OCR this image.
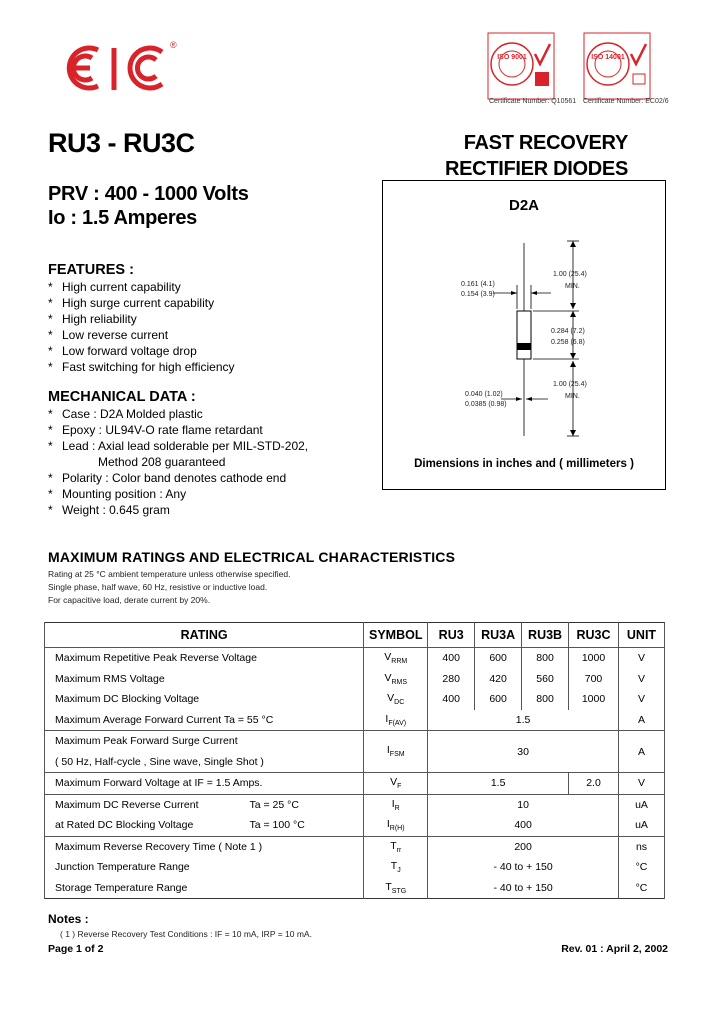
®
ISO 9001
Certificate Number: Q10561
ISO 14001
Certificate Number: EC02/6
RU3 - RU3C	FAST RECOVERY
RECTIFIER DIODES
PRV : 400 - 1000 Volts
Io : 1.5 Amperes
FEATURES :
* High current capability
* High surge current capability
* High reliability
* Low reverse current
* Low forward voltage drop
* Fast switching for high efficiency
MECHANICAL DATA :
* Case : D2A Molded plastic
* Epoxy : UL94V-O rate flame retardant
* Lead : Axial lead solderable per MIL-STD-202,
Method 208 guaranteed
* Polarity : Color band denotes cathode end
* Mounting position : Any
* Weight : 0.645 gram
D2A
0.161 (4.1)
0.154 (3.9)
1.00 (25.4)
MIN.
0.284 (7.2)
0.258 (6.8)
0.040 (1.02)
0.0385 (0.98)
1.00 (25.4)
MIN.
Dimensions in inches and ( millimeters )
MAXIMUM RATINGS AND ELECTRICAL CHARACTERISTICS
Rating at 25 °C ambient temperature unless otherwise specified.
Single phase, half wave, 60 Hz, resistive or inductive load.
For capacitive load, derate current by 20%.
RATING	SYMBOL	RU3	RU3A	RU3B	RU3C	UNIT
Maximum Repetitive Peak Reverse Voltage	$V_{RRM}$	400	600	800	1000	V
Maximum RMS Voltage	$V_{RMS}$	280	420	560	700	V
Maximum DC Blocking Voltage	$V_{DC}$	400	600	800	1000	V
Maximum Average Forward Current Ta = 55 °C	$I_{F(AV)}$	1.5				A
Maximum Peak Forward Surge Current	$I_{FSM}$	30				A
( 50 Hz, Half-cycle , Sine wave, Single Shot )						
Maximum Forward Voltage at IF = 1.5 Amps.	$V_F$	1.5			2.0	V
Maximum DC Reverse Current Ta = 25 °C	$I_R$	10				uA
at Rated DC Blocking Voltage Ta = 100 °C	$I_{R(H)}$	400				uA
Maximum Reverse Recovery Time ( Note 1 )	$T_{rr}$	200				ns
Junction Temperature Range	$T_J$	- 40 to + 150				°C
Storage Temperature Range	$T_{STG}$	- 40 to + 150				°C
Notes :
( 1 ) Reverse Recovery Test Conditions : IF = 10 mA, IRP = 10 mA.
Page 1 of 2	Rev. 01 : April 2, 2002
